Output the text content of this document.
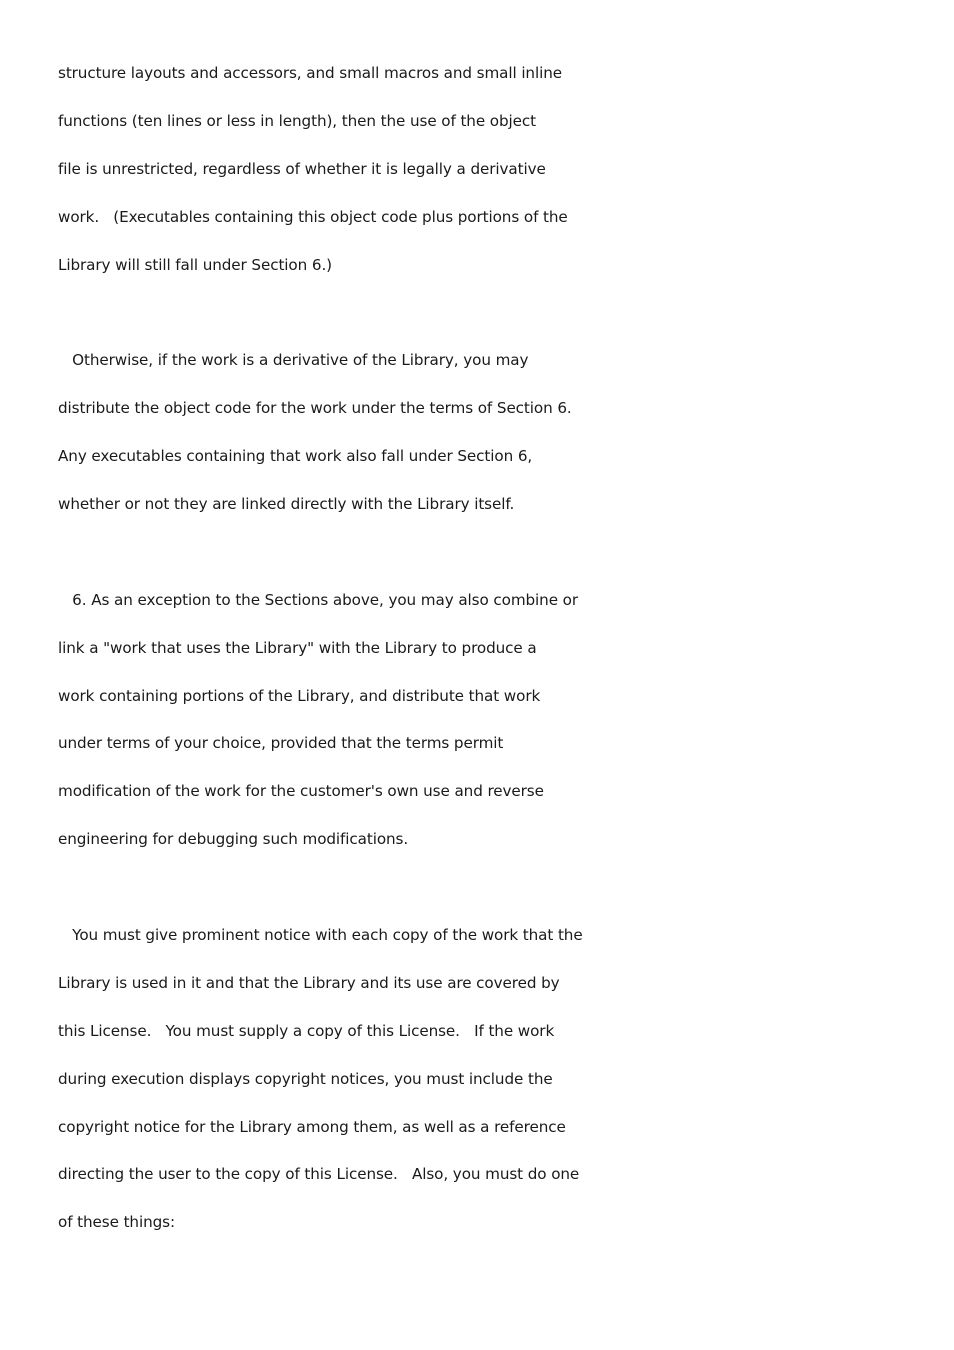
structure layouts and accessors, and small macros and small inline
functions (ten lines or less in length), then the use of the object
file is unrestricted, regardless of whether it is legally a derivative
work.   (Executables containing this object code plus portions of the
Library will still fall under Section 6.)
Otherwise, if the work is a derivative of the Library, you may
distribute the object code for the work under the terms of Section 6.
Any executables containing that work also fall under Section 6,
whether or not they are linked directly with the Library itself.
6. As an exception to the Sections above, you may also combine or
link a "work that uses the Library" with the Library to produce a
work containing portions of the Library, and distribute that work
under terms of your choice, provided that the terms permit
modification of the work for the customer's own use and reverse
engineering for debugging such modifications.
You must give prominent notice with each copy of the work that the
Library is used in it and that the Library and its use are covered by
this License.   You must supply a copy of this License.   If the work
during execution displays copyright notices, you must include the
copyright notice for the Library among them, as well as a reference
directing the user to the copy of this License.   Also, you must do one
of these things:
